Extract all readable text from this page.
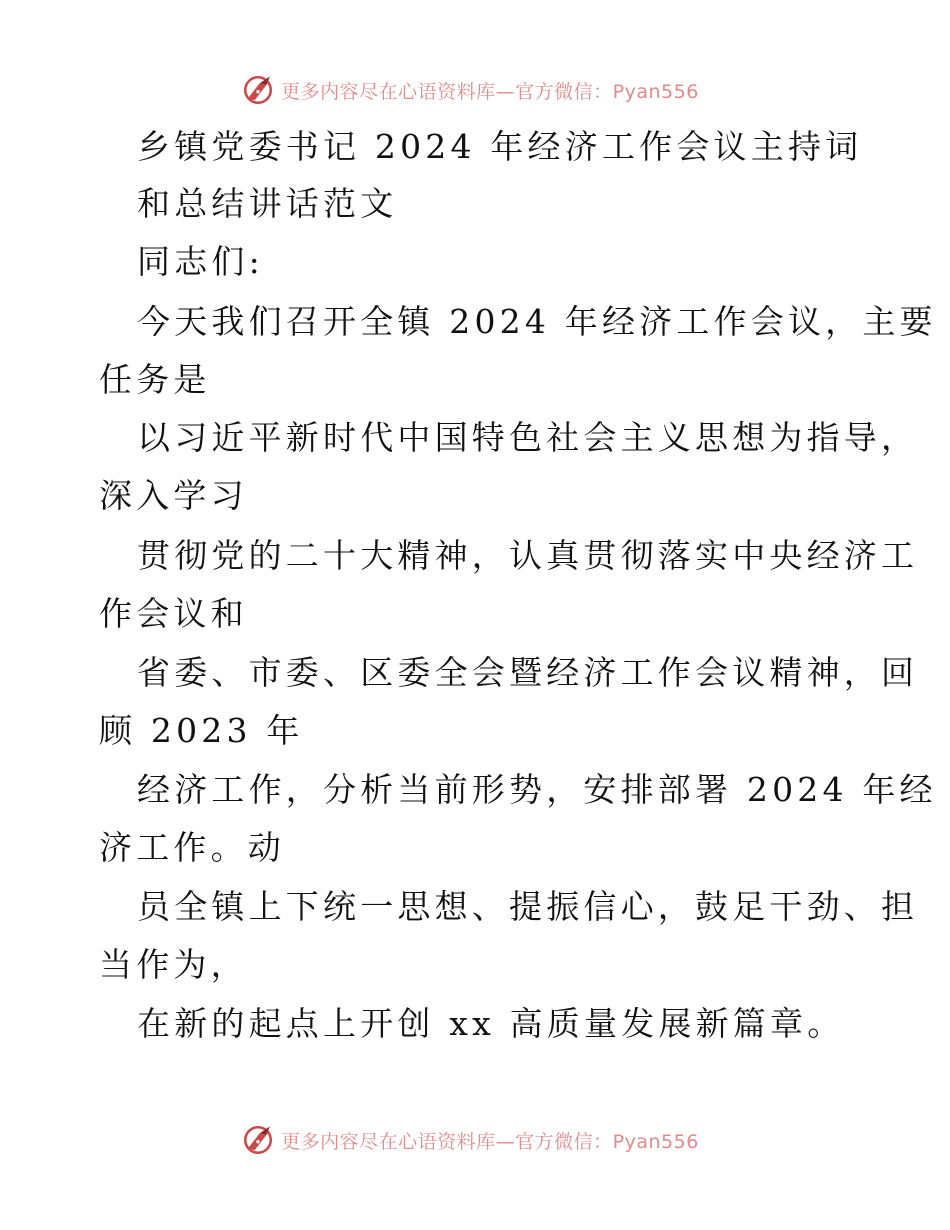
更多内容尽在心语资料库—官方微信：Pyan556
乡镇党委书记 2024 年经济工作会议主持词
和总结讲话范文
同志们:
今天我们召开全镇 2024 年经济工作会议，主要
任务是
以习近平新时代中国特色社会主义思想为指导，
深入学习
贯彻党的二十大精神，认真贯彻落实中央经济工
作会议和
省委、市委、区委全会暨经济工作会议精神，回
顾 2023 年
经济工作，分析当前形势，安排部署 2024 年经
济工作。动
员全镇上下统一思想、提振信心，鼓足干劲、担
当作为，
在新的起点上开创 xx 高质量发展新篇章。
更多内容尽在心语资料库—官方微信：Pyan556
